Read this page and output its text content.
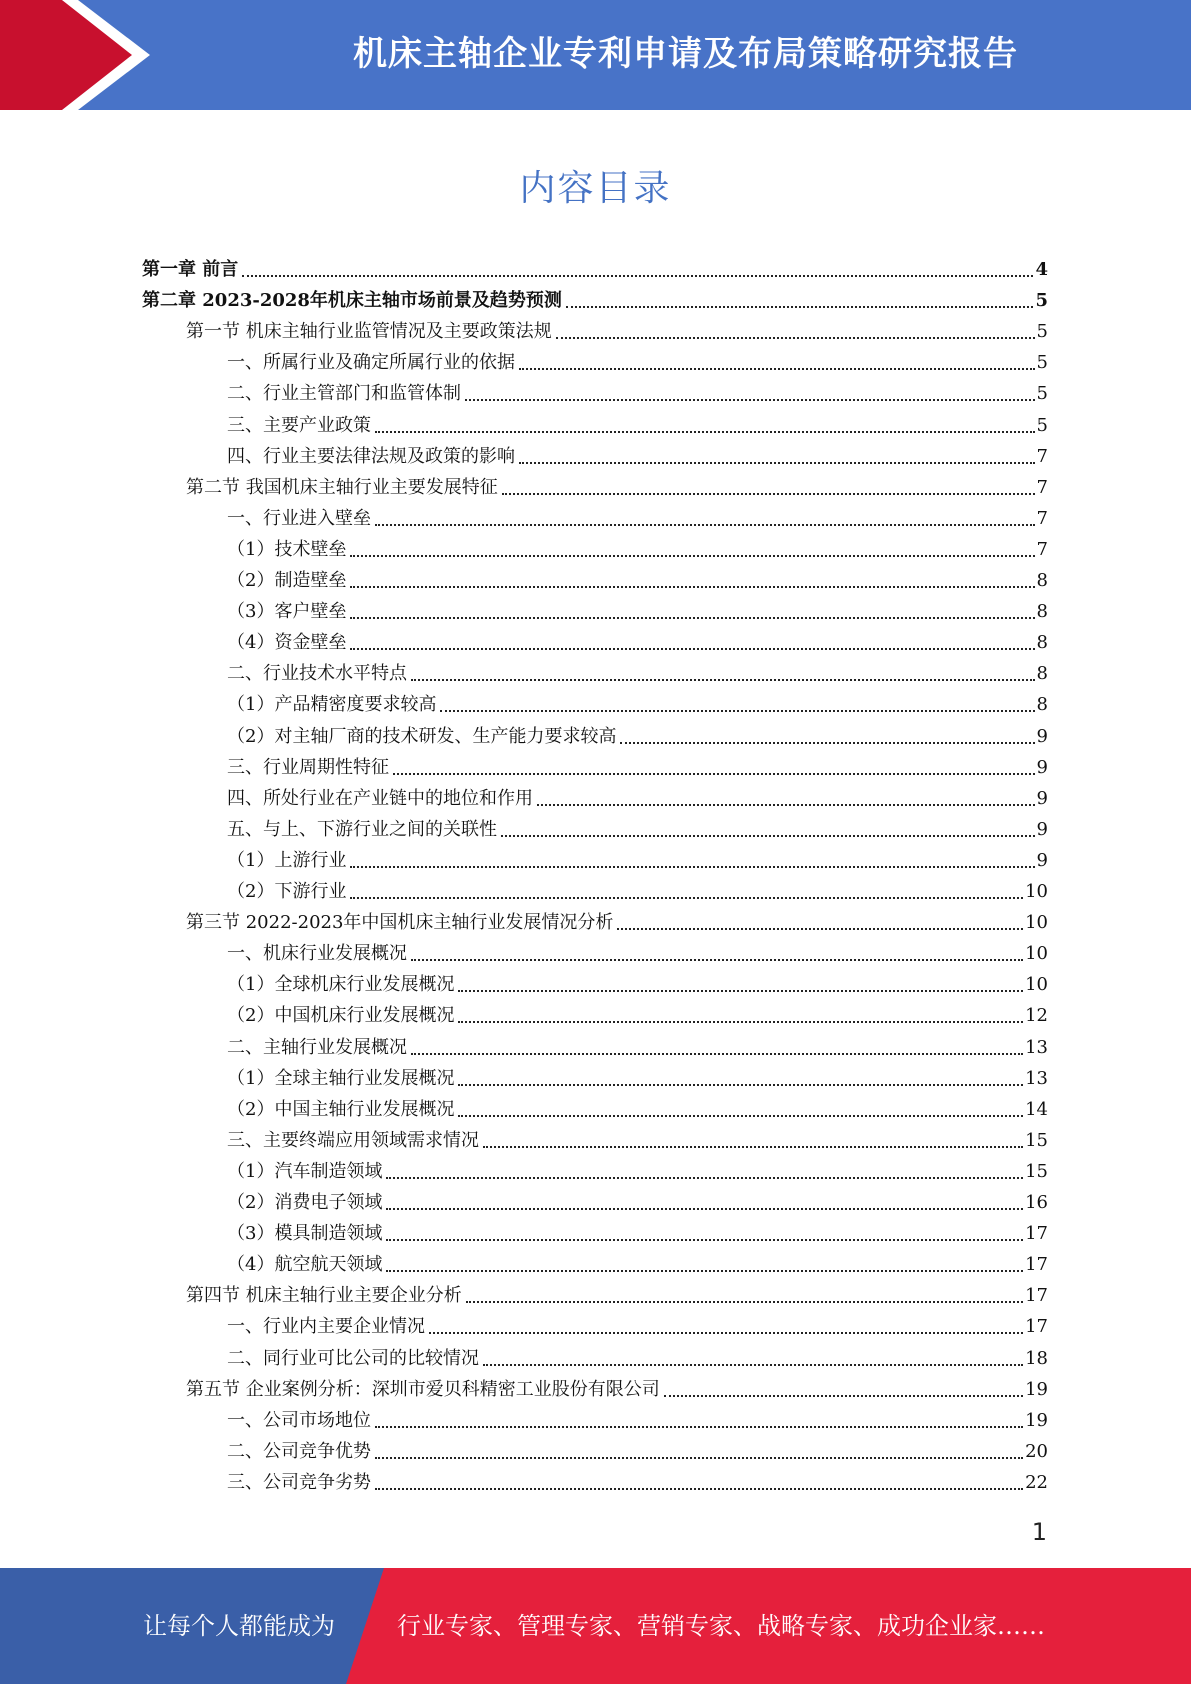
机床主轴企业专利申请及布局策略研究报告
内容目录
第一章 前言	4
第二章 2023-2028年机床主轴市场前景及趋势预测	5
第一节 机床主轴行业监管情况及主要政策法规	5
一、所属行业及确定所属行业的依据	5
二、行业主管部门和监管体制	5
三、主要产业政策	5
四、行业主要法律法规及政策的影响	7
第二节 我国机床主轴行业主要发展特征	7
一、行业进入壁垒	7
（1）技术壁垒	7
（2）制造壁垒	8
（3）客户壁垒	8
（4）资金壁垒	8
二、行业技术水平特点	8
（1）产品精密度要求较高	8
（2）对主轴厂商的技术研发、生产能力要求较高	9
三、行业周期性特征	9
四、所处行业在产业链中的地位和作用	9
五、与上、下游行业之间的关联性	9
（1）上游行业	9
（2）下游行业	10
第三节 2022-2023年中国机床主轴行业发展情况分析	10
一、机床行业发展概况	10
（1）全球机床行业发展概况	10
（2）中国机床行业发展概况	12
二、主轴行业发展概况	13
（1）全球主轴行业发展概况	13
（2）中国主轴行业发展概况	14
三、主要终端应用领域需求情况	15
（1）汽车制造领域	15
（2）消费电子领域	16
（3）模具制造领域	17
（4）航空航天领域	17
第四节 机床主轴行业主要企业分析	17
一、行业内主要企业情况	17
二、同行业可比公司的比较情况	18
第五节 企业案例分析：深圳市爱贝科精密工业股份有限公司	19
一、公司市场地位	19
二、公司竞争优势	20
三、公司竞争劣势	22
1
让每个人都能成为	行业专家、管理专家、营销专家、战略专家、成功企业家……
